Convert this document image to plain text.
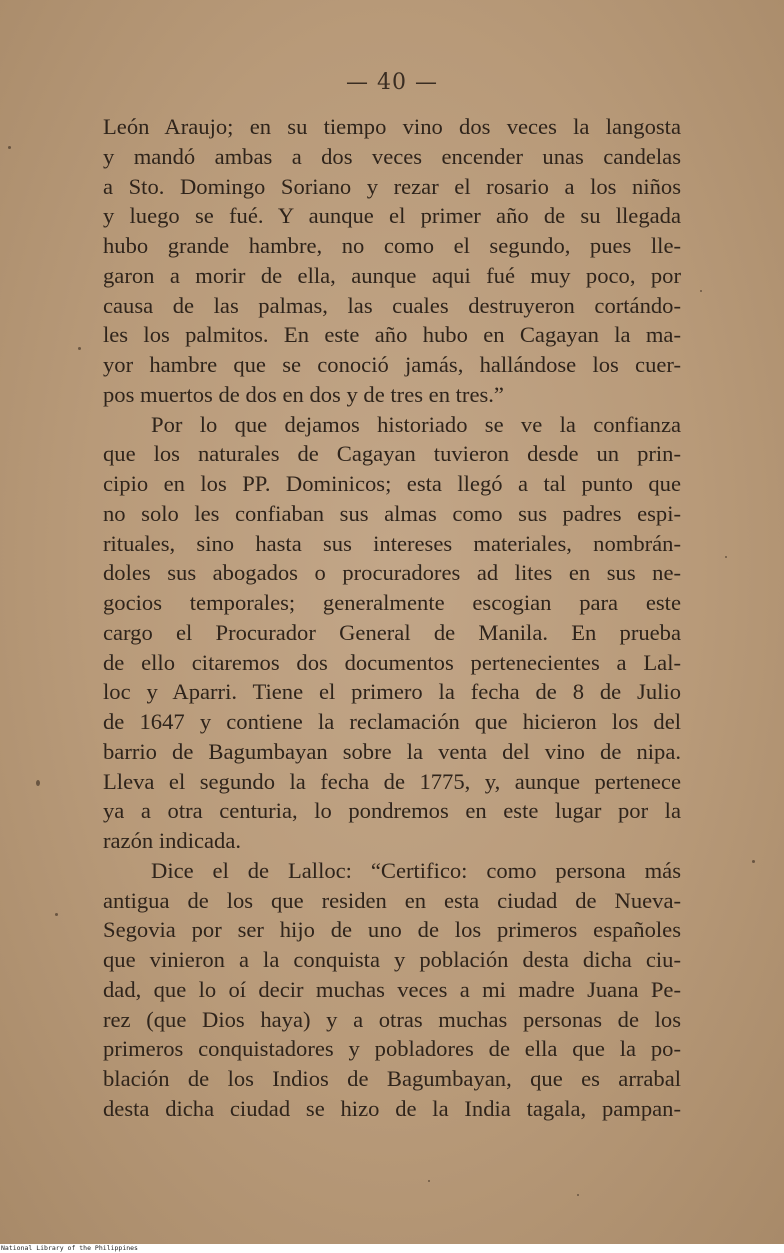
— 40 —
León Araujo; en su tiempo vino dos veces la langosta
y mandó ambas a dos veces encender unas candelas
a Sto. Domingo Soriano y rezar el rosario a los niños
y luego se fué. Y aunque el primer año de su llegada
hubo grande hambre, no como el segundo, pues lle-
garon a morir de ella, aunque aqui fué muy poco, por
causa de las palmas, las cuales destruyeron cortándo-
les los palmitos. En este año hubo en Cagayan la ma-
yor hambre que se conoció jamás, hallándose los cuer-
pos muertos de dos en dos y de tres en tres.”
Por lo que dejamos historiado se ve la confianza
que los naturales de Cagayan tuvieron desde un prin-
cipio en los PP. Dominicos; esta llegó a tal punto que
no solo les confiaban sus almas como sus padres espi-
rituales, sino hasta sus intereses materiales, nombrán-
doles sus abogados o procuradores ad lites en sus ne-
gocios temporales; generalmente escogian para este
cargo el Procurador General de Manila. En prueba
de ello citaremos dos documentos pertenecientes a Lal-
loc y Aparri. Tiene el primero la fecha de 8 de Julio
de 1647 y contiene la reclamación que hicieron los del
barrio de Bagumbayan sobre la venta del vino de nipa.
Lleva el segundo la fecha de 1775, y, aunque pertenece
ya a otra centuria, lo pondremos en este lugar por la
razón indicada.
Dice el de Lalloc: “Certifico: como persona más
antigua de los que residen en esta ciudad de Nueva-
Segovia por ser hijo de uno de los primeros españoles
que vinieron a la conquista y población desta dicha ciu-
dad, que lo oí decir muchas veces a mi madre Juana Pe-
rez (que Dios haya) y a otras muchas personas de los
primeros conquistadores y pobladores de ella que la po-
blación de los Indios de Bagumbayan, que es arrabal
desta dicha ciudad se hizo de la India tagala, pampan-
National Library of the Philippines
